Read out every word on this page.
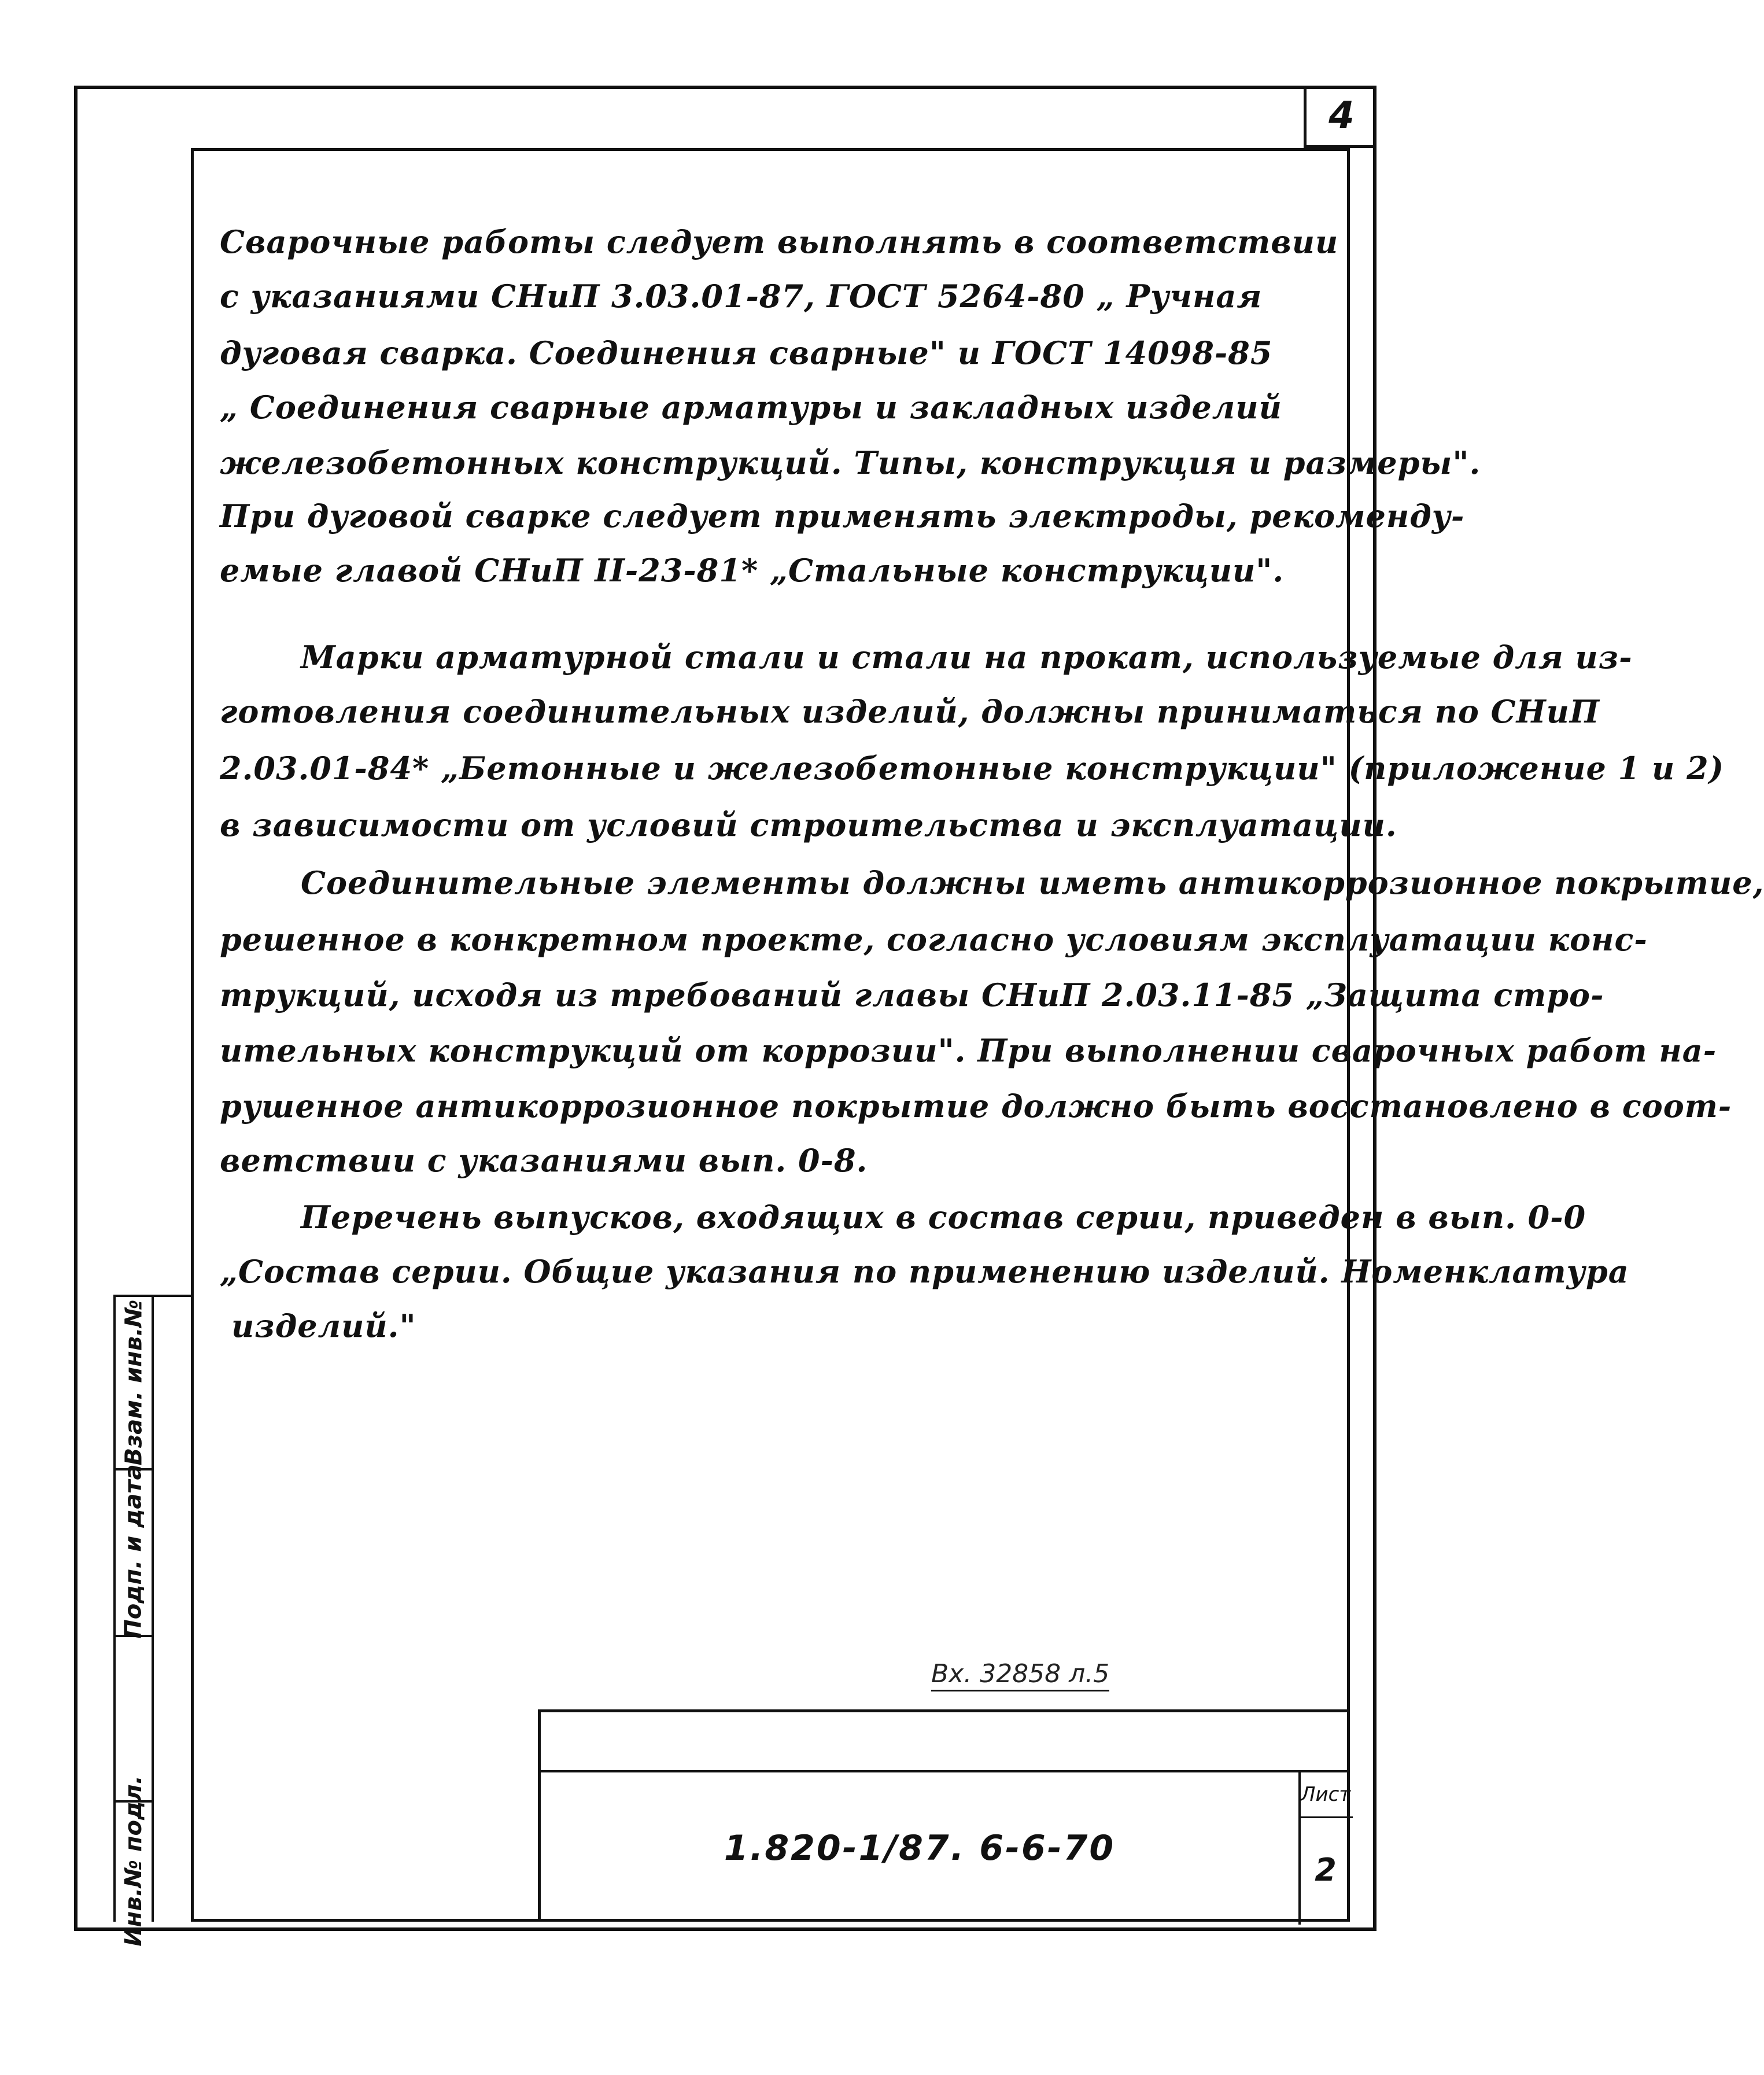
4
Сварочные работы следует выполнять в соответствии
с указаниями СНиП 3.03.01-87, ГОСТ 5264-80 „ Ручная
дуговая сварка. Соединения сварные" и ГОСТ 14098-85
„ Соединения сварные арматуры и закладных изделий
железобетонных конструкций. Типы, конструкция и размеры".
При дуговой сварке следует применять электроды, рекоменду-
емые главой СНиП II-23-81* „Стальные конструкции".
Марки арматурной стали и стали на прокат, используемые для из-
готовления соединительных изделий, должны приниматься по СНиП
2.03.01-84* „Бетонные и железобетонные конструкции" (приложение 1 и 2)
в зависимости от условий строительства и эксплуатации.
Соединительные элементы должны иметь антикоррозионное покрытие,
решенное в конкретном проекте, согласно условиям эксплуатации конс-
трукций, исходя из требований главы СНиП 2.03.11-85 „Защита стро-
ительных конструкций от коррозии". При выполнении сварочных работ на-
рушенное антикоррозионное покрытие должно быть восстановлено в соот-
ветствии с указаниями вып. 0-8.
Перечень выпусков, входящих в состав серии, приведен в вып. 0-0
„Состав серии. Общие указания по применению изделий. Номенклатура
изделий."
Взам. инв.№
Подп. и дата
Инв.№ подл.
Вх. 32858 л.5
1.820-1/87. 6-6-70
Лист
2
